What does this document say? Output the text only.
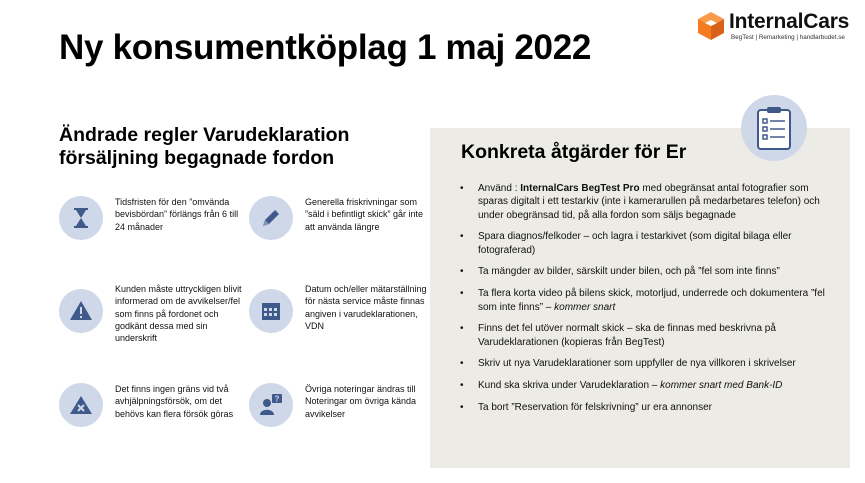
Ny konsumentköplag 1 maj 2022
InternalCars
BegTest | Remarketing | handlarbudet.se
Ändrade regler Varudeklaration försäljning begagnade fordon
Tidsfristen för den ”omvända bevisbördan” förlängs från 6 till 24 månader
Generella friskrivningar som ”säld i befintligt skick” går inte att använda längre
Kunden måste uttryckligen blivit informerad om de avvikelser/fel som finns på fordonet och godkänt dessa med sin underskrift
Datum och/eller mätarställning för nästa service måste finnas angiven i varudeklarationen, VDN
Det finns ingen gräns vid två avhjälpningsförsök, om det behövs kan flera försök göras
?
Övriga noteringar ändras till Noteringar om övriga kända avvikelser
Konkreta åtgärder för Er
• Använd : InternalCars BegTest Pro med obegränsat antal fotografier som sparas digitalt i ett testarkiv (inte i kamerarullen på medarbetares telefon) och under obegränsad tid, på alla fordon som säljs begagnade
• Spara diagnos/felkoder – och lagra i testarkivet (som digital bilaga eller fotograferad)
• Ta mängder av bilder, särskilt under bilen, och på ”fel som inte finns”
• Ta flera korta video på bilens skick, motorljud, underrede och dokumentera ”fel som inte finns” – kommer snart
• Finns det fel utöver normalt skick – ska de finnas med beskrivna på Varudeklarationen (kopieras från BegTest)
• Skriv ut nya Varudeklarationer som uppfyller de nya villkoren i skrivelser
• Kund ska skriva under Varudeklaration – kommer snart med Bank-ID
• Ta bort ”Reservation för felskrivning” ur era annonser
